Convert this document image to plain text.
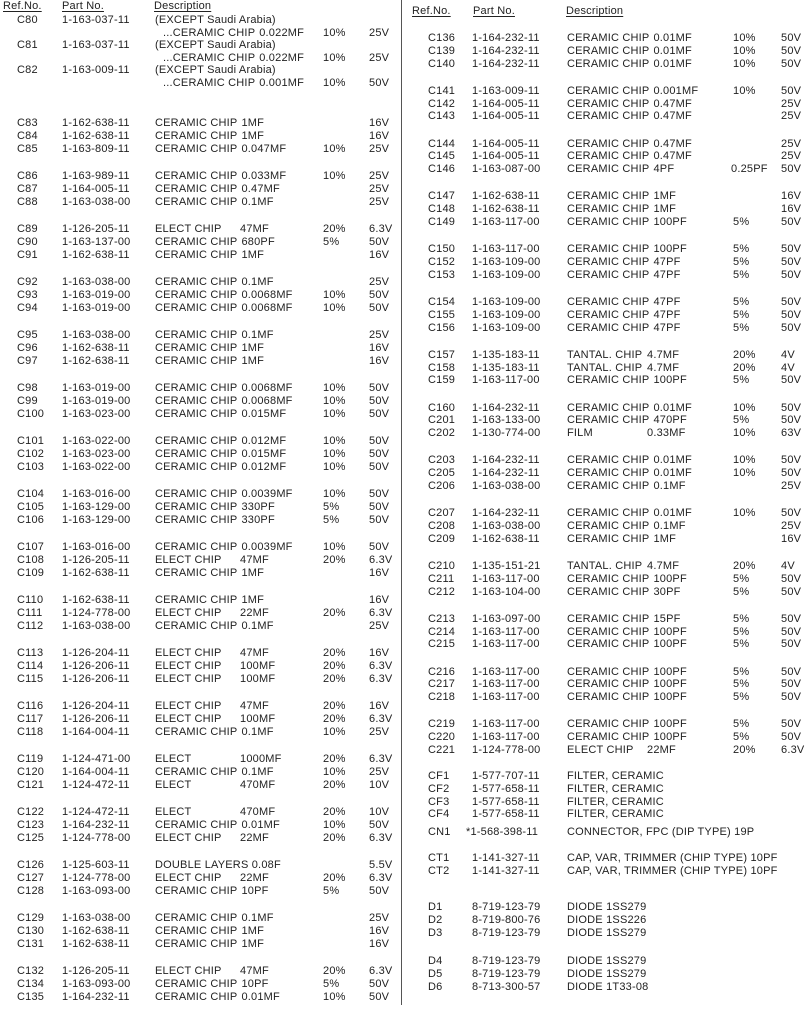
Ref.No. Part No.	Description
C80 1-163-037-11 (EXCEPT Saudi Arabia)
...CERAMIC CHIP 0.022MF 10% 25V
C81 1-163-037-11 (EXCEPT Saudi Arabia)
...CERAMIC CHIP 0.022MF 10% 25V
C82 1-163-009-11 (EXCEPT Saudi Arabia)
...CERAMIC CHIP 0.001MF 10% 50V
C83 1-162-638-11 CERAMIC CHIP 1MF	16V
C84 1-162-638-11 CERAMIC CHIP 1MF	16V
C85 1-163-809-11 CERAMIC CHIP 0.047MF	10% 25V
C86 1-163-989-11 CERAMIC CHIP 0.033MF	10% 25V
C87 1-164-005-11 CERAMIC CHIP 0.47MF	25V
C88 1-163-038-00 CERAMIC CHIP 0.1MF	25V
C89 1-126-205-11 ELECT CHIP 47MF	20% 6.3V
C90 1-163-137-00 CERAMIC CHIP 680PF	5%	50V
C91 1-162-638-11 CERAMIC CHIP 1MF	16V
C92 1-163-038-00 CERAMIC CHIP 0.1MF	25V
C93 1-163-019-00 CERAMIC CHIP 0.0068MF	10% 50V
C94 1-163-019-00 CERAMIC CHIP 0.0068MF	10% 50V
C95 1-163-038-00 CERAMIC CHIP 0.1MF	25V
C96 1-162-638-11 CERAMIC CHIP 1MF	16V
C97 1-162-638-11 CERAMIC CHIP 1MF	16V
C98 1-163-019-00 CERAMIC CHIP 0.0068MF	10% 50V
C99 1-163-019-00 CERAMIC CHIP 0.0068MF	10% 50V
C100 1-163-023-00 CERAMIC CHIP 0.015MF	10% 50V
C101 1-163-022-00 CERAMIC CHIP 0.012MF	10% 50V
C102 1-163-023-00 CERAMIC CHIP 0.015MF	10% 50V
C103 1-163-022-00 CERAMIC CHIP 0.012MF	10% 50V
C104 1-163-016-00 CERAMIC CHIP 0.0039MF	10% 50V
C105 1-163-129-00 CERAMIC CHIP 330PF	5%	50V
C106 1-163-129-00 CERAMIC CHIP 330PF	5%	50V
C107 1-163-016-00 CERAMIC CHIP 0.0039MF	10% 50V
C108 1-126-205-11 ELECT CHIP 47MF	20% 6.3V
C109 1-162-638-11 CERAMIC CHIP 1MF	16V
C110 1-162-638-11 CERAMIC CHIP 1MF	16V
C111 1-124-778-00 ELECT CHIP 22MF	20% 6.3V
C112 1-163-038-00 CERAMIC CHIP 0.1MF	25V
C113 1-126-204-11 ELECT CHIP 47MF	20% 16V
C114 1-126-206-11 ELECT CHIP 100MF	20% 6.3V
C115 1-126-206-11 ELECT CHIP 100MF	20% 6.3V
C116 1-126-204-11 ELECT CHIP 47MF	20% 16V
C117 1-126-206-11 ELECT CHIP 100MF	20% 6.3V
C118 1-164-004-11 CERAMIC CHIP 0.1MF	10% 25V
C119 1-124-471-00 ELECT	1000MF	20% 6.3V
C120 1-164-004-11 CERAMIC CHIP 0.1MF	10% 25V
C121 1-124-472-11 ELECT	470MF	20% 10V
C122 1-124-472-11 ELECT	470MF	20% 10V
C123 1-164-232-11 CERAMIC CHIP 0.01MF	10% 50V
C125 1-124-778-00 ELECT CHIP 22MF	20% 6.3V
C126 1-125-603-11 DOUBLE LAYERS 0.08F	5.5V
C127 1-124-778-00 ELECT CHIP 22MF	20% 6.3V
C128 1-163-093-00 CERAMIC CHIP 10PF	5%	50V
C129 1-163-038-00 CERAMIC CHIP 0.1MF	25V
C130 1-162-638-11 CERAMIC CHIP 1MF	16V
C131 1-162-638-11 CERAMIC CHIP 1MF	16V
C132 1-126-205-11 ELECT CHIP 47MF	20% 6.3V
C134 1-163-093-00 CERAMIC CHIP 10PF	5%	50V
C135 1-164-232-11 CERAMIC CHIP 0.01MF	10% 50V
Ref.No. Part No.	Description
C136 1-164-232-11 CERAMIC CHIP 0.01MF	10% 50V
C139 1-164-232-11 CERAMIC CHIP 0.01MF	10% 50V
C140 1-164-232-11 CERAMIC CHIP 0.01MF	10% 50V
C141 1-163-009-11 CERAMIC CHIP 0.001MF	10% 50V
C142 1-164-005-11 CERAMIC CHIP 0.47MF	25V
C143 1-164-005-11 CERAMIC CHIP 0.47MF	25V
C144 1-164-005-11 CERAMIC CHIP 0.47MF	25V
C145 1-164-005-11 CERAMIC CHIP 0.47MF	25V
C146 1-163-087-00 CERAMIC CHIP 4PF	0.25PF 50V
C147 1-162-638-11 CERAMIC CHIP 1MF	16V
C148 1-162-638-11 CERAMIC CHIP 1MF	16V
C149 1-163-117-00 CERAMIC CHIP 100PF	5%	50V
C150 1-163-117-00 CERAMIC CHIP 100PF	5%	50V
C152 1-163-109-00 CERAMIC CHIP 47PF	5%	50V
C153 1-163-109-00 CERAMIC CHIP 47PF	5%	50V
C154 1-163-109-00 CERAMIC CHIP 47PF	5%	50V
C155 1-163-109-00 CERAMIC CHIP 47PF	5%	50V
C156 1-163-109-00 CERAMIC CHIP 47PF	5%	50V
C157 1-135-183-11 TANTAL. CHIP 4.7MF	20% 4V
C158 1-135-183-11 TANTAL. CHIP 4.7MF	20% 4V
C159 1-163-117-00 CERAMIC CHIP 100PF	5%	50V
C160 1-164-232-11 CERAMIC CHIP 0.01MF	10% 50V
C201 1-163-133-00 CERAMIC CHIP 470PF	5%	50V
C202 1-130-774-00 FILM	0.33MF	10% 63V
C203 1-164-232-11 CERAMIC CHIP 0.01MF	10% 50V
C205 1-164-232-11 CERAMIC CHIP 0.01MF	10% 50V
C206 1-163-038-00 CERAMIC CHIP 0.1MF	25V
C207 1-164-232-11 CERAMIC CHIP 0.01MF	10% 50V
C208 1-163-038-00 CERAMIC CHIP 0.1MF	25V
C209 1-162-638-11 CERAMIC CHIP 1MF	16V
C210 1-135-151-21 TANTAL. CHIP 4.7MF	20% 4V
C211 1-163-117-00 CERAMIC CHIP 100PF	5%	50V
C212 1-163-104-00 CERAMIC CHIP 30PF	5%	50V
C213 1-163-097-00 CERAMIC CHIP 15PF	5%	50V
C214 1-163-117-00 CERAMIC CHIP 100PF	5%	50V
C215 1-163-117-00 CERAMIC CHIP 100PF	5%	50V
C216 1-163-117-00 CERAMIC CHIP 100PF	5%	50V
C217 1-163-117-00 CERAMIC CHIP 100PF	5%	50V
C218 1-163-117-00 CERAMIC CHIP 100PF	5%	50V
C219 1-163-117-00 CERAMIC CHIP 100PF	5%	50V
C220 1-163-117-00 CERAMIC CHIP 100PF	5%	50V
C221 1-124-778-00 ELECT CHIP 22MF	20% 6.3V
CF1 1-577-707-11 FILTER, CERAMIC
CF2 1-577-658-11 FILTER, CERAMIC
CF3 1-577-658-11 FILTER, CERAMIC
CF4 1-577-658-11 FILTER, CERAMIC
CN1 *1-568-398-11	CONNECTOR, FPC (DIP TYPE) 19P
CT1 1-141-327-11 CAP, VAR, TRIMMER (CHIP TYPE) 10PF
CT2 1-141-327-11 CAP, VAR, TRIMMER (CHIP TYPE) 10PF
D1	8-719-123-79 DIODE 1SS279
D2	8-719-800-76 DIODE 1SS226
D3	8-719-123-79 DIODE 1SS279
D4	8-719-123-79 DIODE 1SS279
D5	8-719-123-79 DIODE 1SS279
D6	8-713-300-57 DIODE 1T33-08
